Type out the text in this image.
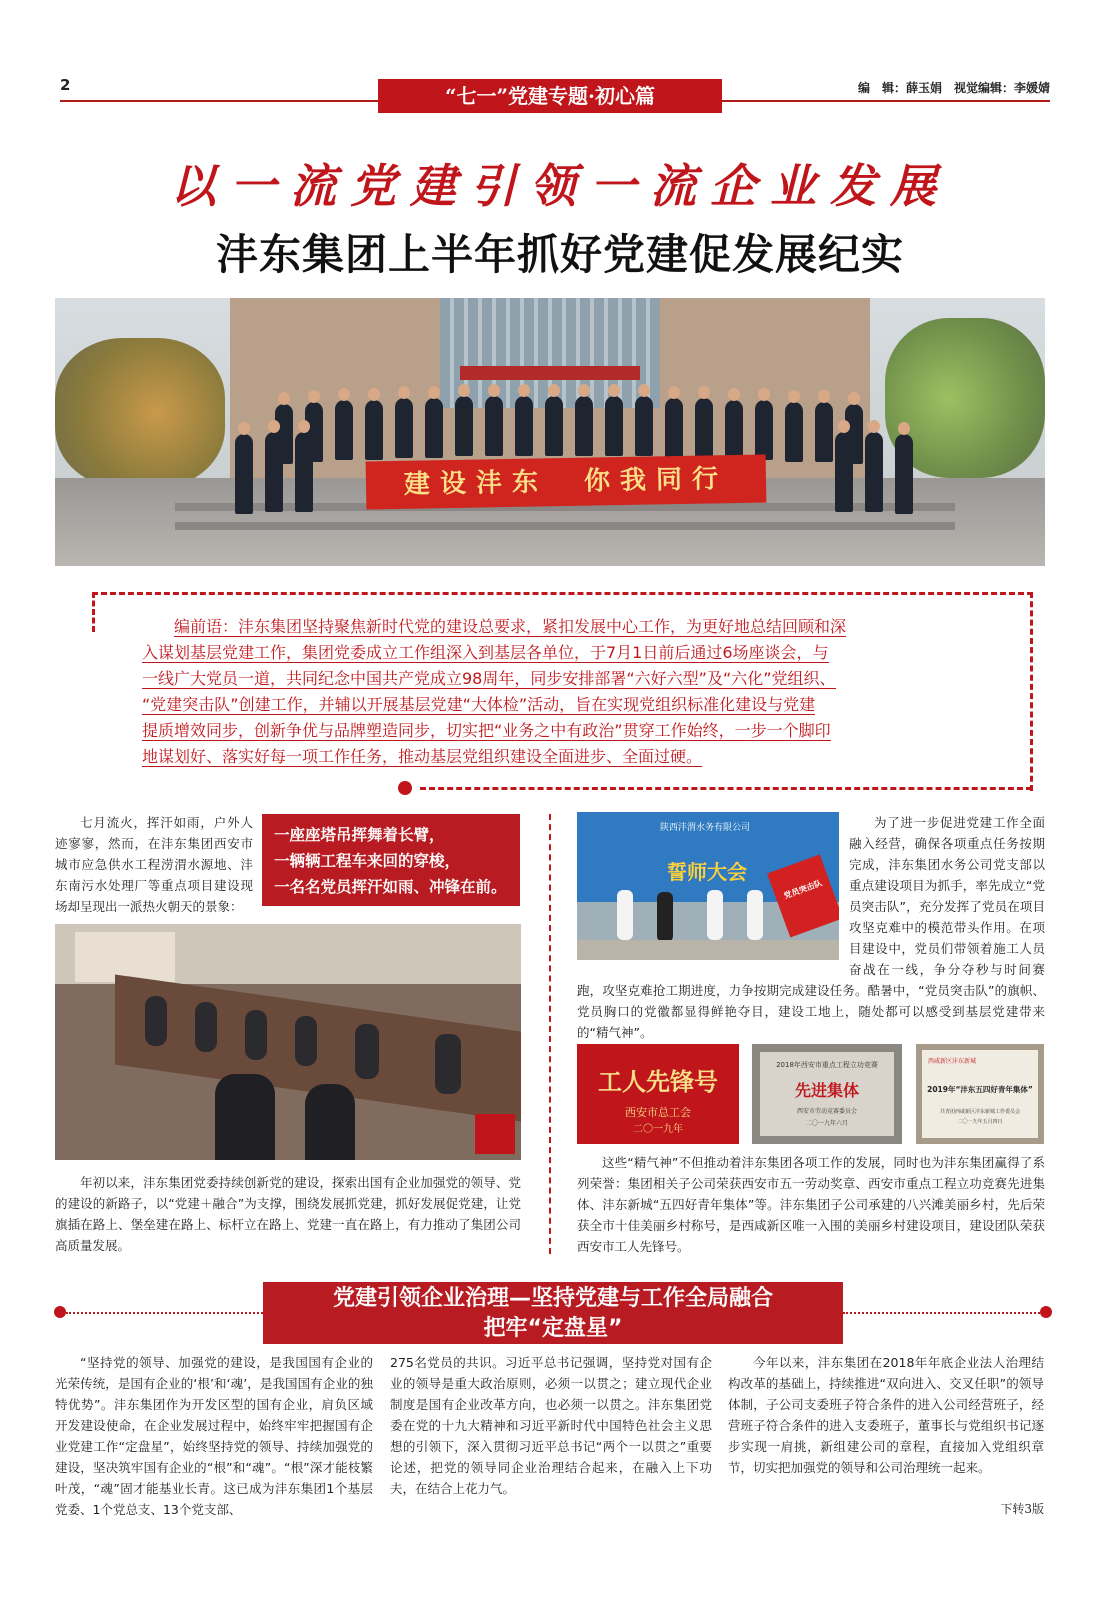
2	“七一”党建专题·初心篇	编　辑：薛玉娟　视觉编辑：李媛婧
以一流党建引领一流企业发展
沣东集团上半年抓好党建促发展纪实
建设沣东　你我同行
编前语：沣东集团坚持聚焦新时代党的建设总要求，紧扣发展中心工作，为更好地总结回顾和深
入谋划基层党建工作，集团党委成立工作组深入到基层各单位，于7月1日前后通过6场座谈会，与
一线广大党员一道，共同纪念中国共产党成立98周年，同步安排部署“六好六型”及“六化”党组织、
“党建突击队”创建工作，并辅以开展基层党建“大体检”活动，旨在实现党组织标准化建设与党建
提质增效同步，创新争优与品牌塑造同步，切实把“业务之中有政治”贯穿工作始终，一步一个脚印
地谋划好、落实好每一项工作任务，推动基层党组织建设全面进步、全面过硬。
七月流火，挥汗如雨，户外人迹寥寥，然而，在沣东集团西安市城市应急供水工程涝渭水源地、沣东南污水处理厂等重点项目建设现场却呈现出一派热火朝天的景象：
一座座塔吊挥舞着长臂，
一辆辆工程车来回的穿梭，
一名名党员挥汗如雨、冲锋在前。
年初以来，沣东集团党委持续创新党的建设，探索出国有企业加强党的领导、党的建设的新路子，以“党建＋融合”为支撑，围绕发展抓党建，抓好发展促党建，让党旗插在路上、堡垒建在路上、标杆立在路上、党建一直在路上，有力推动了集团公司高质量发展。
陕西沣渭水务有限公司
誓师大会
党员突击队
为了进一步促进党建工作全面融入经营，确保各项重点任务按期完成，沣东集团水务公司党支部以重点建设项目为抓手，率先成立“党员突击队”，充分发挥了党员在项目攻坚克难中的模范带头作用。在项目建设中，党员们带领着施工人员奋战在一线，争分夺秒与时间赛跑，攻坚克难抢工期进度，力争按期完成建设任务。酷暑中，“党员突击队”的旗帜、党员胸口的党徽都显得鲜艳夺目，建设工地上，随处都可以感受到基层党建带来的“精气神”。
工人先锋号
西安市总工会
二〇一九年
2018年西安市重点工程立功竞赛
先进集体
西安市劳动竞赛委员会
二〇一九年六月
西咸新区沣东新城
2019年“沣东五四好青年集体”
共青团西咸新区沣东新城工作委员会
二〇一九年五月四日
这些“精气神”不但推动着沣东集团各项工作的发展，同时也为沣东集团赢得了系列荣誉：集团相关子公司荣获西安市五一劳动奖章、西安市重点工程立功竞赛先进集体、沣东新城“五四好青年集体”等。沣东集团子公司承建的八兴滩美丽乡村，先后荣获全市十佳美丽乡村称号，是西咸新区唯一入围的美丽乡村建设项目，建设团队荣获西安市工人先锋号。
党建引领企业治理—坚持党建与工作全局融合
把牢“定盘星”
“坚持党的领导、加强党的建设，是我国国有企业的光荣传统，是国有企业的‘根’和‘魂’，是我国国有企业的独特优势”。沣东集团作为开发区型的国有企业，肩负区域开发建设使命，在企业发展过程中，始终牢牢把握国有企业党建工作“定盘星”，始终坚持党的领导、持续加强党的建设，坚决筑牢国有企业的“根”和“魂”。“根”深才能枝繁叶茂，“魂”固才能基业长青。这已成为沣东集团1个基层党委、1个党总支、13个党支部、
275名党员的共识。习近平总书记强调，坚持党对国有企业的领导是重大政治原则，必须一以贯之；建立现代企业制度是国有企业改革方向，也必须一以贯之。沣东集团党委在党的十九大精神和习近平新时代中国特色社会主义思想的引领下，深入贯彻习近平总书记“两个一以贯之”重要论述，把党的领导同企业治理结合起来，在融入上下功夫，在结合上花力气。
今年以来，沣东集团在2018年年底企业法人治理结构改革的基础上，持续推进“双向进入、交叉任职”的领导体制，子公司支委班子符合条件的进入公司经营班子，经营班子符合条件的进入支委班子，董事长与党组织书记逐步实现一肩挑，新组建公司的章程，直接加入党组织章节，切实把加强党的领导和公司治理统一起来。
下转3版
